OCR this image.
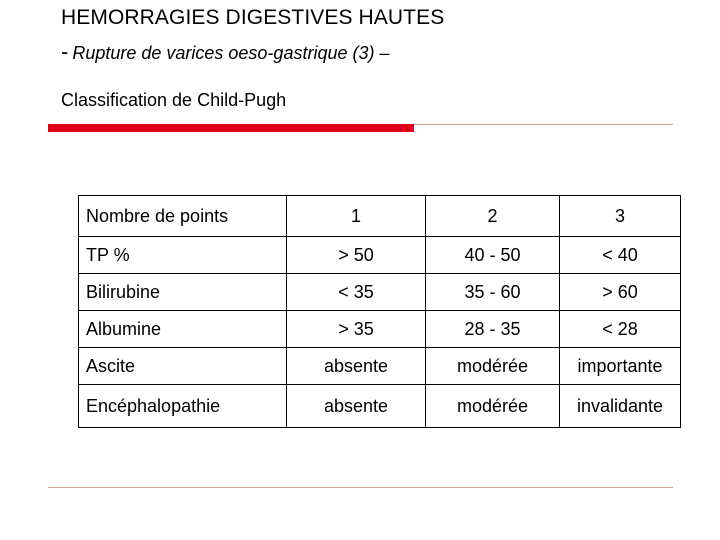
HEMORRAGIES DIGESTIVES HAUTES
- Rupture de varices oeso-gastrique (3) –
Classification de Child-Pugh
Nombre de points	1	2	3
TP %	> 50	40 - 50	< 40
Bilirubine	< 35	35 - 60	> 60
Albumine	> 35	28 - 35	< 28
Ascite	absente	modérée	importante
Encéphalopathie	absente	modérée	invalidante
